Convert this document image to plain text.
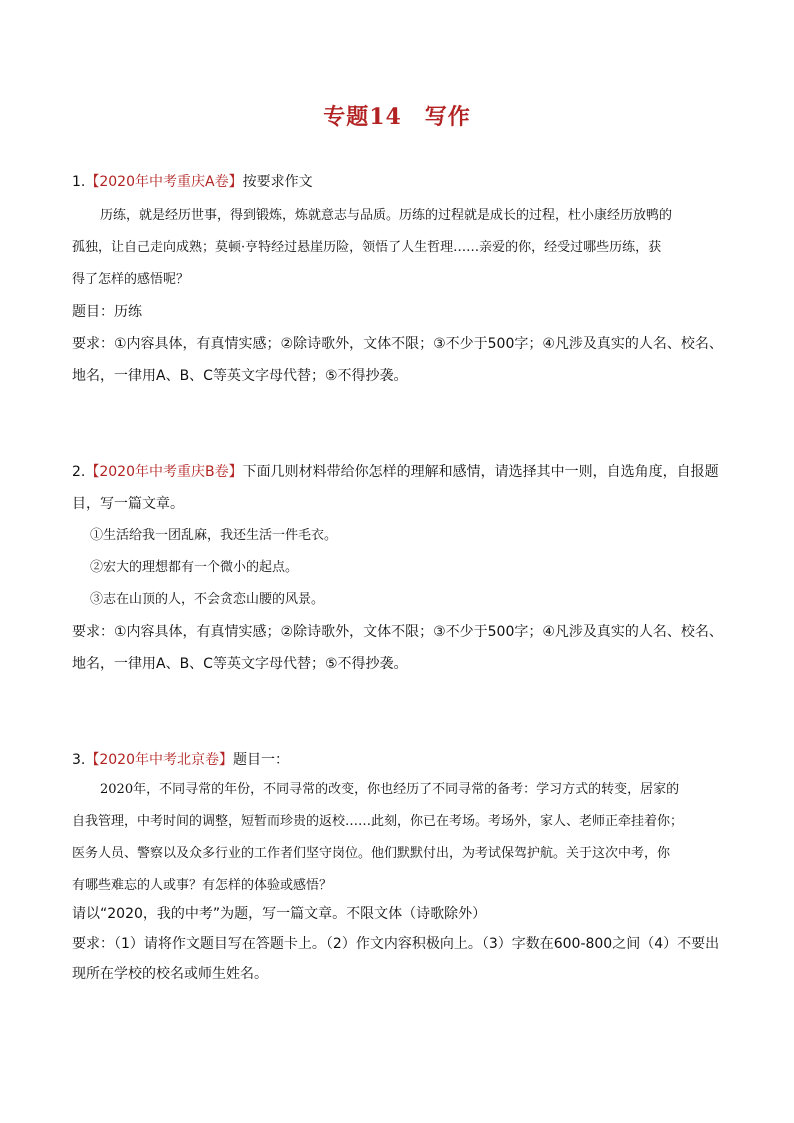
专题14　写作
1.【2020年中考重庆A卷】按要求作文
历练，就是经历世事，得到锻炼，炼就意志与品质。历练的过程就是成长的过程，杜小康经历放鸭的
孤独，让自己走向成熟；莫顿·亨特经过悬崖历险，领悟了人生哲理……亲爱的你，经受过哪些历练，获
得了怎样的感悟呢？
题目：历练
要求：①内容具体，有真情实感；②除诗歌外，文体不限；③不少于500字；④凡涉及真实的人名、校名、
地名，一律用A、B、C等英文字母代替；⑤不得抄袭。
2.【2020年中考重庆B卷】下面几则材料带给你怎样的理解和感情，请选择其中一则，自选角度，自报题
目，写一篇文章。
①生活给我一团乱麻，我还生活一件毛衣。
②宏大的理想都有一个微小的起点。
③志在山顶的人，不会贪恋山腰的风景。
要求：①内容具体，有真情实感；②除诗歌外，文体不限；③不少于500字；④凡涉及真实的人名、校名、
地名，一律用A、B、C等英文字母代替；⑤不得抄袭。
3.【2020年中考北京卷】题目一：
2020年，不同寻常的年份，不同寻常的改变，你也经历了不同寻常的备考：学习方式的转变，居家的
自我管理，中考时间的调整，短暂而珍贵的返校……此刻，你已在考场。考场外，家人、老师正牵挂着你；
医务人员、警察以及众多行业的工作者们坚守岗位。他们默默付出，为考试保驾护航。关于这次中考，你
有哪些难忘的人或事？有怎样的体验或感悟？
请以“2020，我的中考”为题，写一篇文章。不限文体（诗歌除外）
要求：（1）请将作文题目写在答题卡上。（2）作文内容积极向上。（3）字数在600-800之间（4）不要出
现所在学校的校名或师生姓名。
